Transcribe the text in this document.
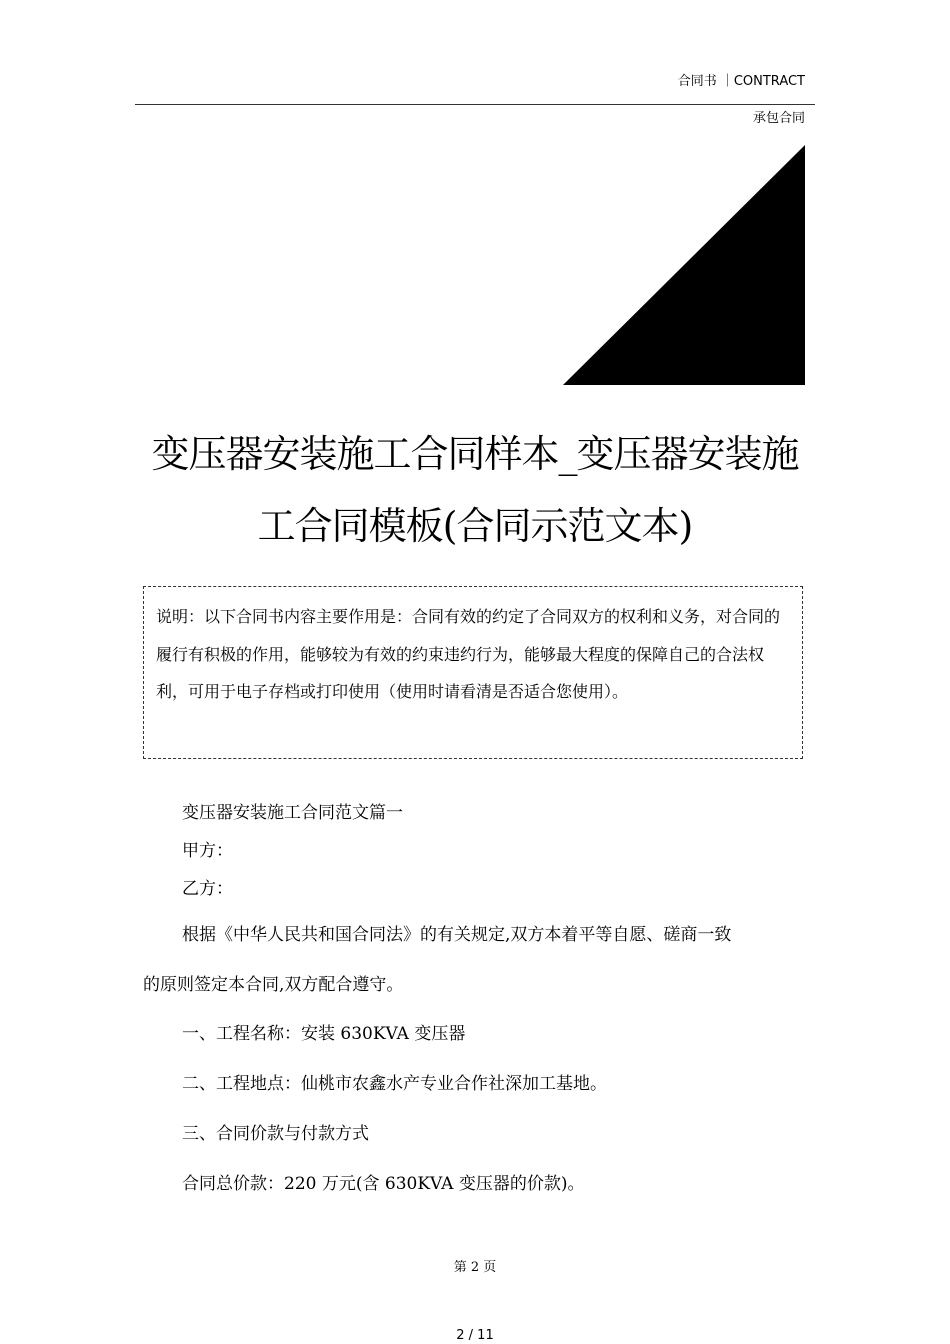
合同书 ｜CONTRACT
承包合同
变压器安装施工合同样本_变压器安装施工合同模板(合同示范文本)
说明：以下合同书内容主要作用是：合同有效的约定了合同双方的权利和义务，对合同的履行有积极的作用，能够较为有效的约束违约行为，能够最大程度的保障自己的合法权利，可用于电子存档或打印使用（使用时请看清是否适合您使用）。
变压器安装施工合同范文篇一
甲方：
乙方：
根据《中华人民共和国合同法》的有关规定,双方本着平等自愿、磋商一致
的原则签定本合同,双方配合遵守。
一、工程名称：安装 630KVA 变压器
二、工程地点：仙桃市农鑫水产专业合作社深加工基地。
三、合同价款与付款方式
合同总价款：220 万元(含 630KVA 变压器的价款)。
第 2 页
2 / 11
